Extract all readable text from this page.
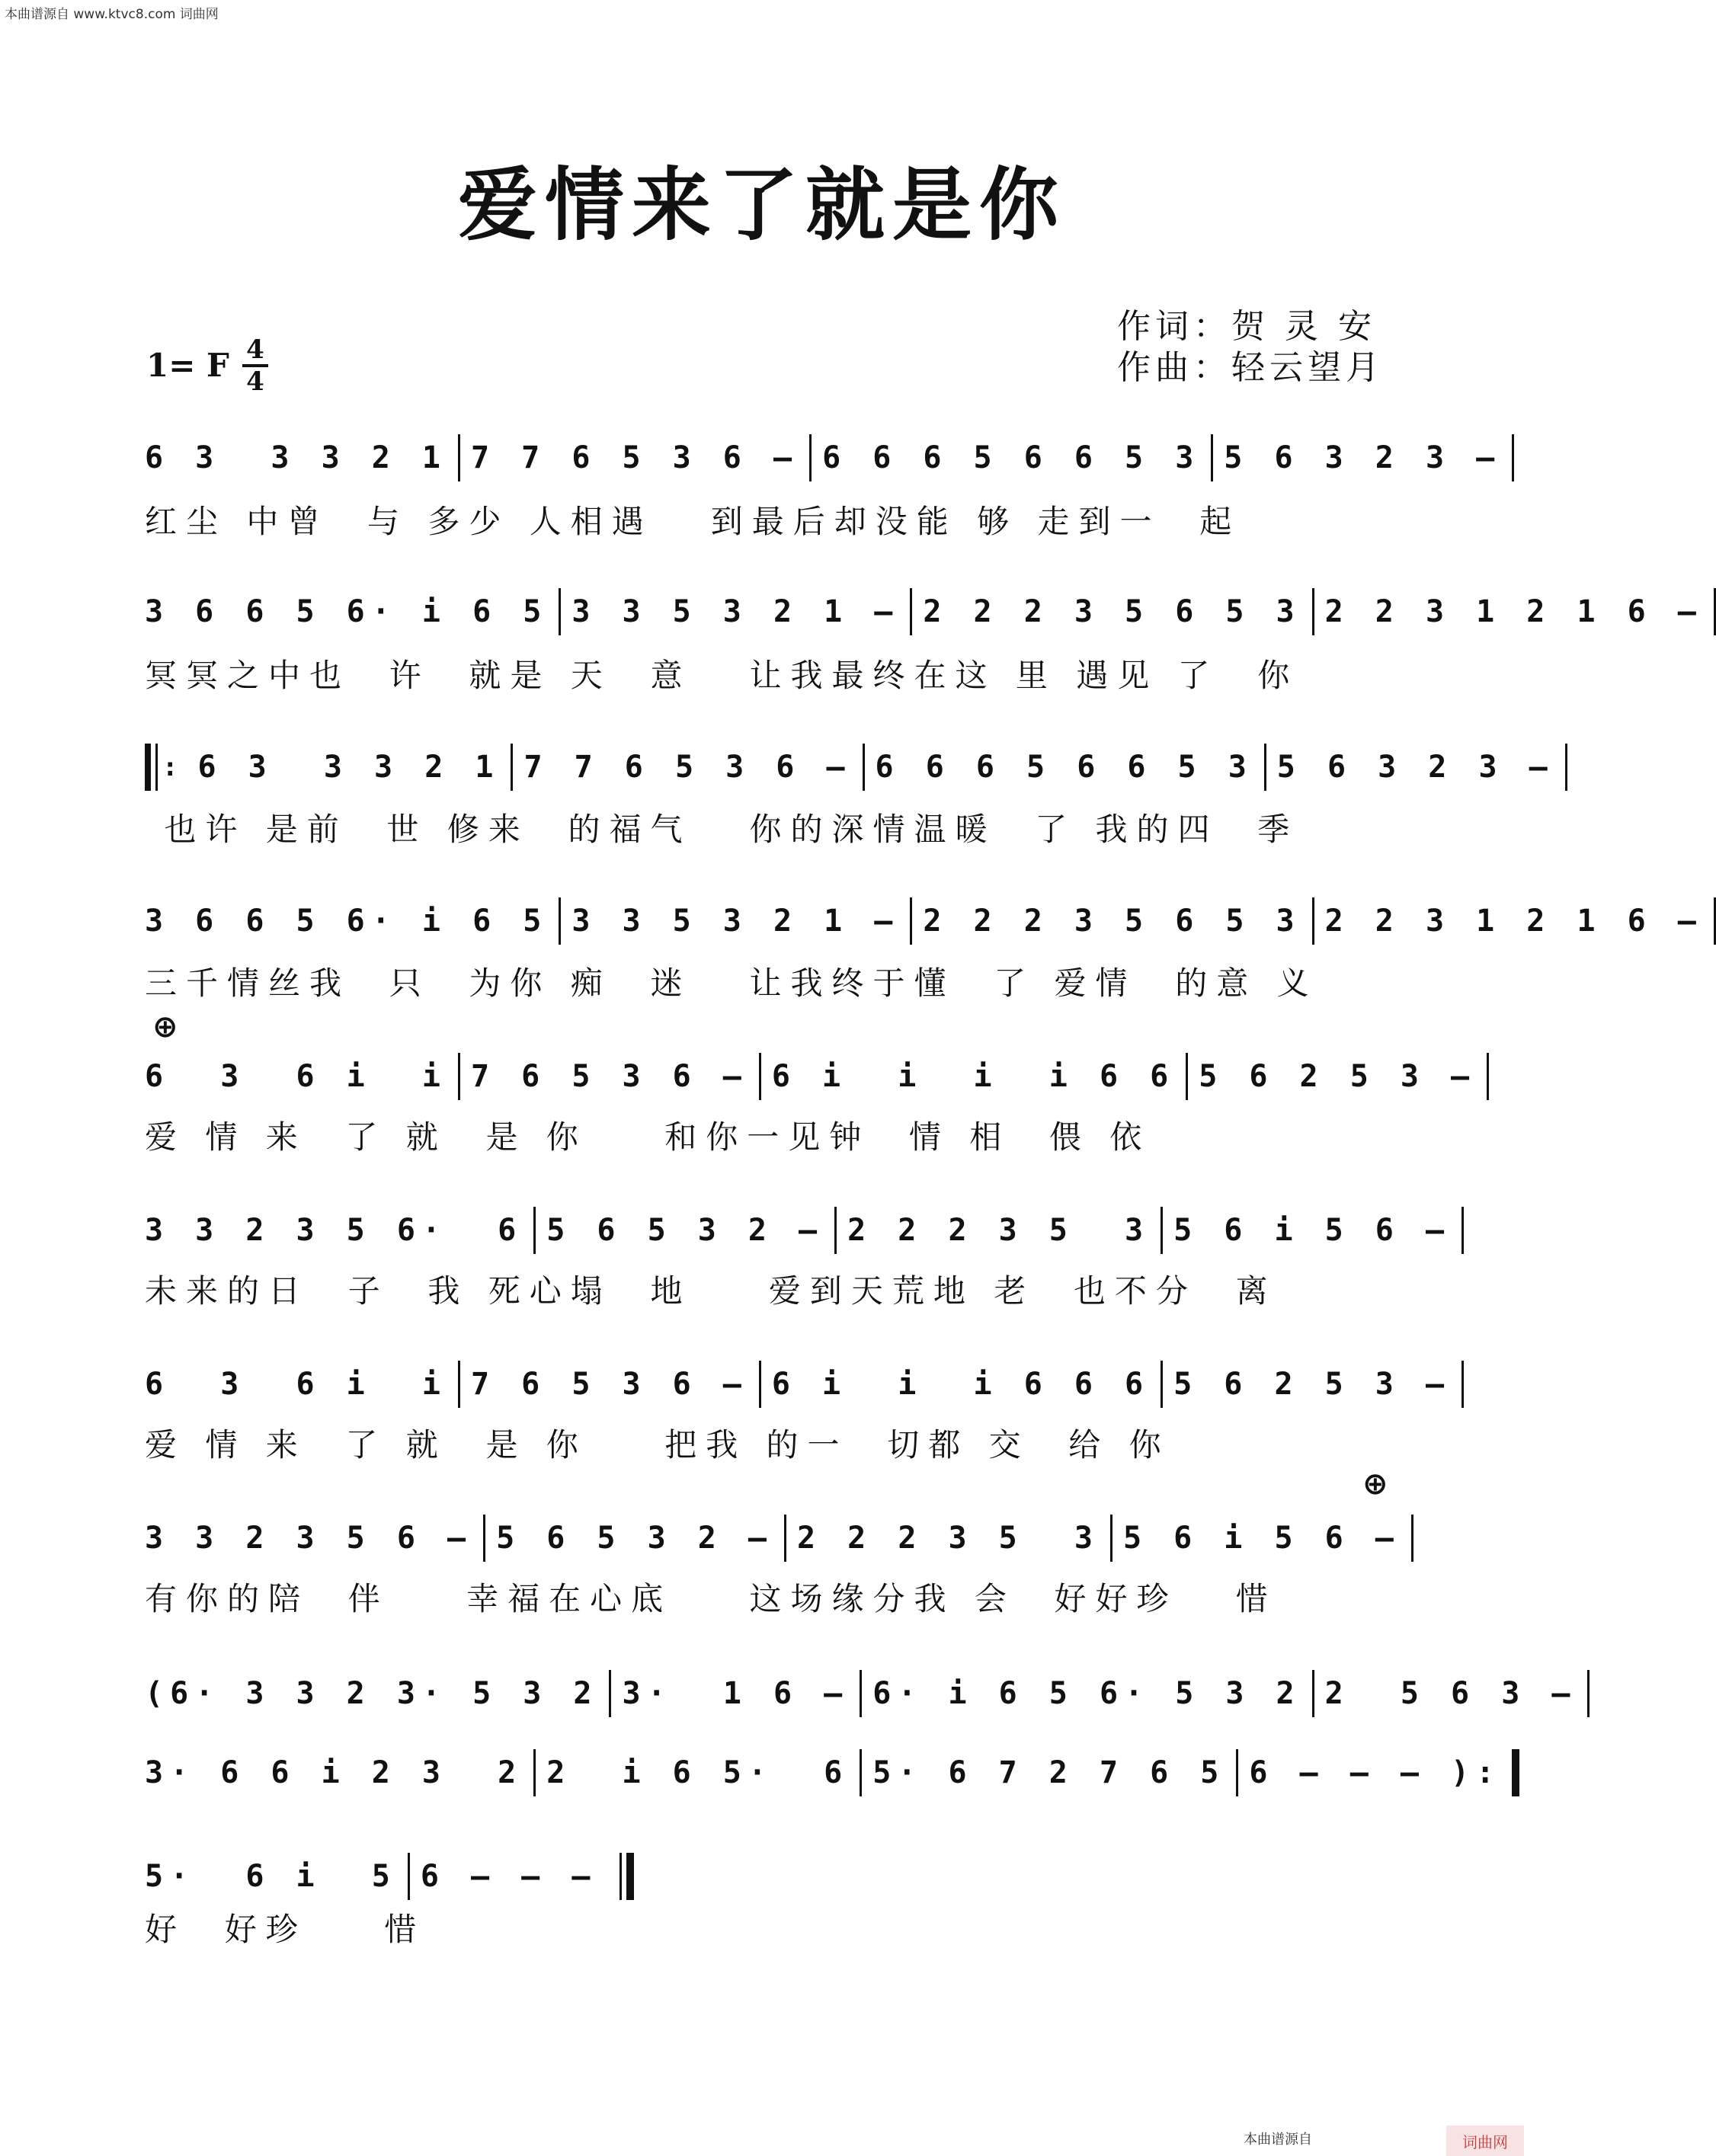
本曲谱源自 www.ktvc8.com 词曲网
爱情来了就是你
作词：贺 灵 安
作曲：轻云望月
1= F 4
4
6 3  3 3 2 1 7 7 6 5 3 6 – 6 6 6 5 6 6 5 3 5 6 3 2 3 –
红尘 中曾  与 多少 人相遇   到最后却没能 够 走到一  起
3 6 6 5 6· i 6 5 3 3 5 3 2 1 – 2 2 2 3 5 6 5 3 2 2 3 1 2 1 6 –
冥冥之中也  许  就是 天  意   让我最终在这 里 遇见 了  你
: 6 3  3 3 2 1 7 7 6 5 3 6 – 6 6 6 5 6 6 5 3 5 6 3 2 3 –
也许 是前  世 修来  的福气   你的深情温暖  了 我的四  季
3 6 6 5 6· i 6 5 3 3 5 3 2 1 – 2 2 2 3 5 6 5 3 2 2 3 1 2 1 6 –
三千情丝我  只  为你 痴  迷   让我终于懂  了 爱情  的意 义
⊕
6  3  6 i  i 7 6 5 3 6 – 6 i  i  i  i 6 6 5 6 2 5 3 –
爱 情 来  了 就  是 你    和你一见钟  情 相  偎 依
3 3 2 3 5 6·  6 5 6 5 3 2 – 2 2 2 3 5  3 5 6 i 5 6 –
未来的日  子  我 死心塌  地    爱到天荒地 老  也不分  离
6  3  6 i  i 7 6 5 3 6 – 6 i  i  i 6 6 6 5 6 2 5 3 –
爱 情 来  了 就  是 你    把我 的一  切都 交  给 你
⊕
3 3 2 3 5 6 – 5 6 5 3 2 – 2 2 2 3 5  3 5 6 i 5 6 –
有你的陪  伴    幸福在心底    这场缘分我 会  好好珍   惜
(6· 3 3 2 3· 5 3 2 3·  1 6 – 6· i 6 5 6· 5 3 2 2  5 6 3 –
3· 6 6 i 2 3  2 2  i 6 5·  6 5· 6 7 2 7 6 5 6 – – – ):
5·  6 i  5 6 – – –
好  好珍    惜
本曲谱源自	词曲网
